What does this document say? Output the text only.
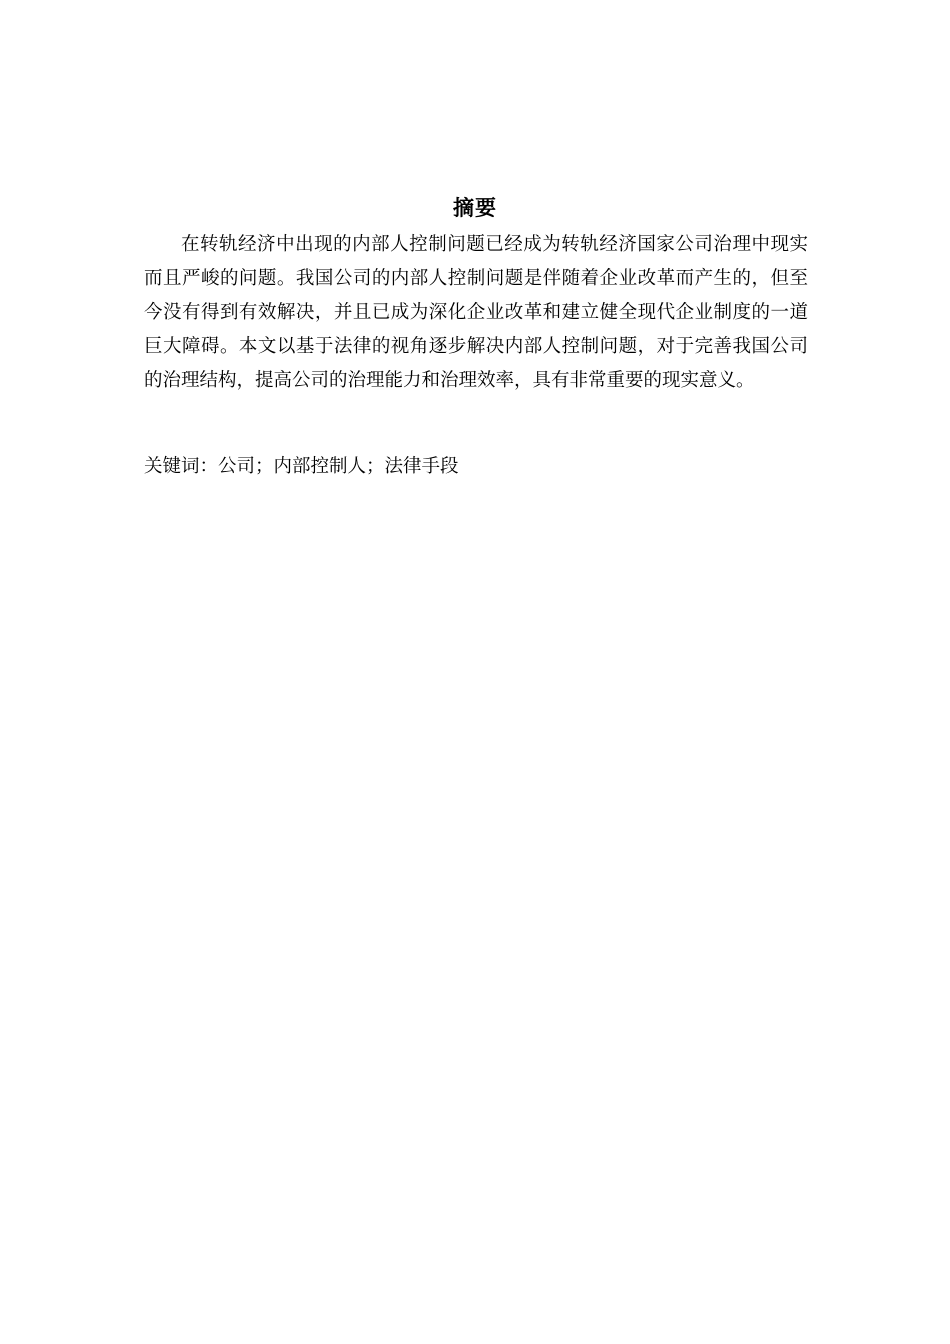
摘要

在转轨经济中出现的内部人控制问题已经成为转轨经济国家公司治理中现实而且严峻的问题。我国公司的内部人控制问题是伴随着企业改革而产生的，但至今没有得到有效解决，并且已成为深化企业改革和建立健全现代企业制度的一道巨大障碍。本文以基于法律的视角逐步解决内部人控制问题，对于完善我国公司的治理结构，提高公司的治理能力和治理效率，具有非常重要的现实意义。

关键词：公司；内部控制人；法律手段
